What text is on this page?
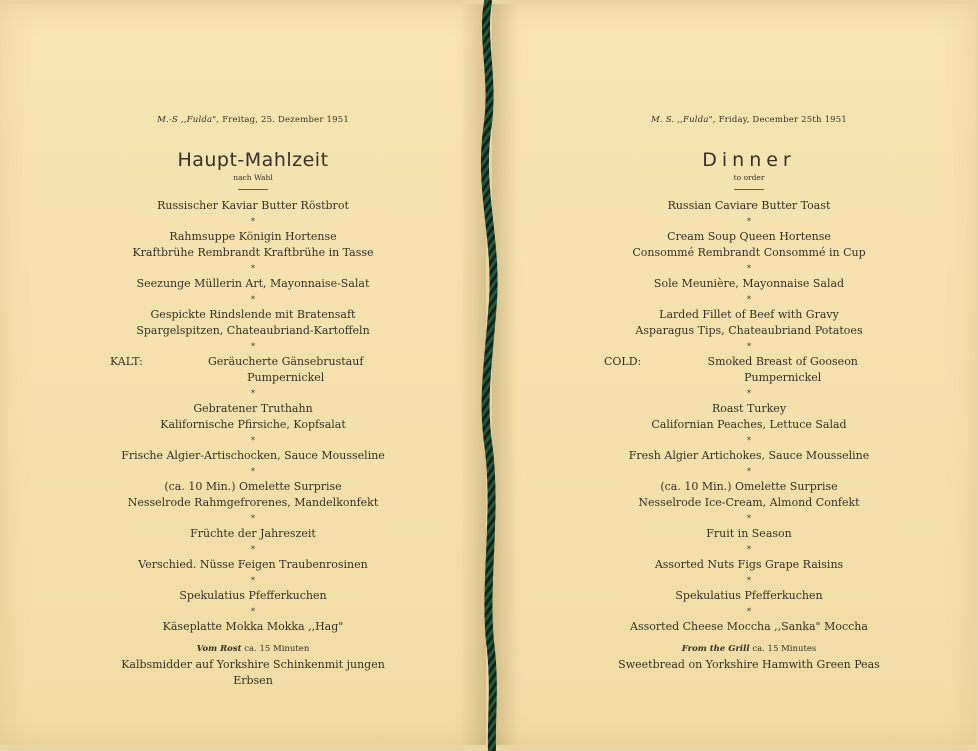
M.-S ,,Fulda", Freitag, 25. Dezember 1951
Haupt-Mahlzeit
nach Wahl
Russischer Kaviar Butter Röstbrot
*
Rahmsuppe Königin Hortense
Kraftbrühe Rembrandt Kraftbrühe in Tasse
*
Seezunge Müllerin Art, Mayonnaise-Salat
*
Gespickte Rindslende mit Bratensaft
Spargelspitzen, Chateaubriand-Kartoffeln
*
KALT:	Geräucherte Gänsebrustauf Pumpernickel
*
Gebratener Truthahn
Kalifornische Pfirsiche, Kopfsalat
*
Frische Algier-Artischocken, Sauce Mousseline
*
(ca. 10 Min.) Omelette Surprise
Nesselrode Rahmgefrorenes, Mandelkonfekt
*
Früchte der Jahreszeit
*
Verschied. Nüsse Feigen Traubenrosinen
*
Spekulatius Pfefferkuchen
*
Käseplatte Mokka Mokka ,,Hag"
Vom Rost ca. 15 Minuten
Kalbsmidder auf Yorkshire Schinkenmit jungen Erbsen
M. S. ,,Fulda", Friday, December 25th 1951
Dinner
to order
Russian Caviare Butter Toast
*
Cream Soup Queen Hortense
Consommé Rembrandt Consommé in Cup
*
Sole Meunière, Mayonnaise Salad
*
Larded Fillet of Beef with Gravy
Asparagus Tips, Chateaubriand Potatoes
*
COLD:	Smoked Breast of Gooseon Pumpernickel
*
Roast Turkey
Californian Peaches, Lettuce Salad
*
Fresh Algier Artichokes, Sauce Mousseline
*
(ca. 10 Min.) Omelette Surprise
Nesselrode Ice-Cream, Almond Confekt
*
Fruit in Season
*
Assorted Nuts Figs Grape Raisins
*
Spekulatius Pfefferkuchen
*
Assorted Cheese Moccha ,,Sanka" Moccha
From the Grill ca. 15 Minutes
Sweetbread on Yorkshire Hamwith Green Peas
